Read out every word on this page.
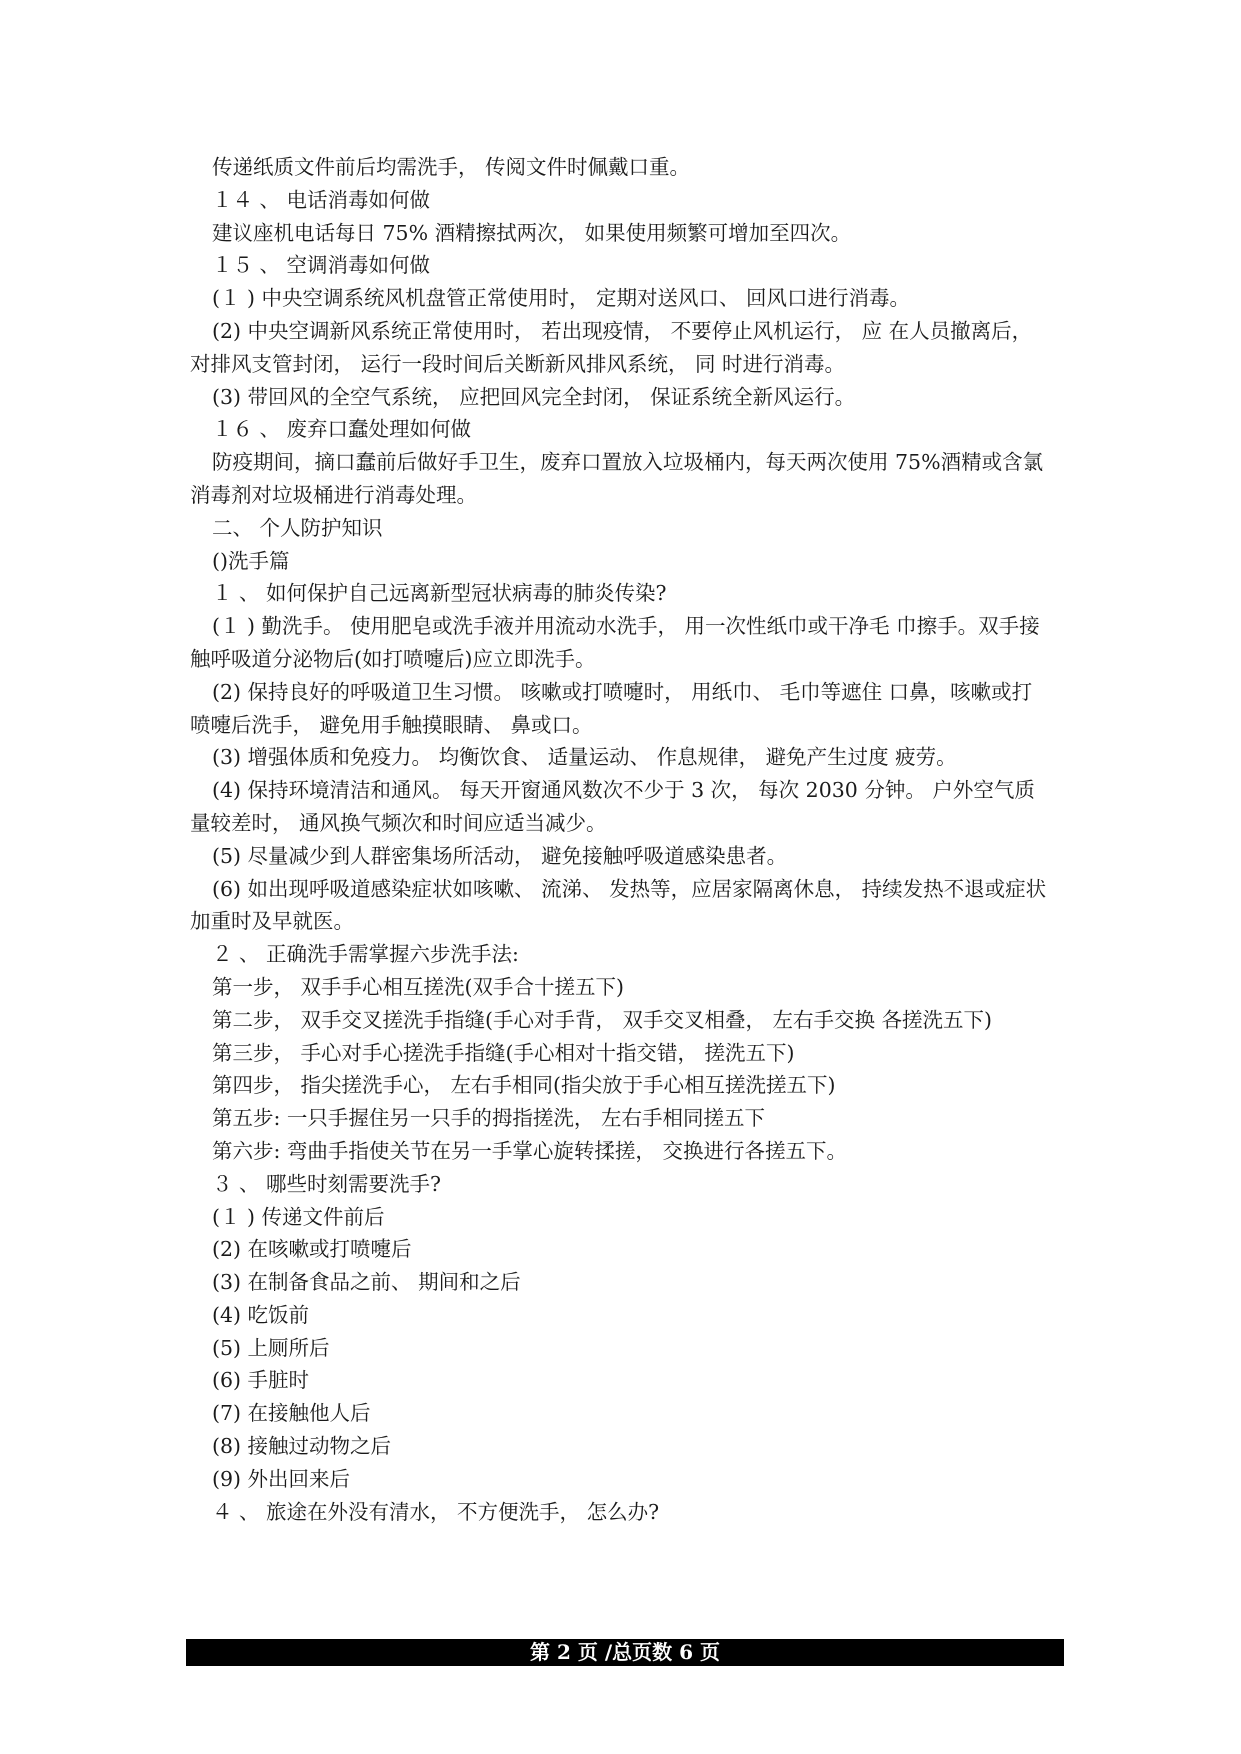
传递纸质文件前后均需洗手， 传阅文件时佩戴口重。
１４ 、 电话消毒如何做
建议座机电话每日 75% 酒精擦拭两次， 如果使用频繁可增加至四次。
１５ 、 空调消毒如何做
(１ ) 中央空调系统风机盘管正常使用时， 定期对送风口、 回风口进行消毒。
(2) 中央空调新风系统正常使用时， 若出现疫情， 不要停止风机运行， 应 在人员撤离后，
对排风支管封闭， 运行一段时间后关断新风排风系统， 同 时进行消毒。
(3) 带回风的全空气系统， 应把回风完全封闭， 保证系统全新风运行。
１６ 、 废弃口蠢处理如何做
防疫期间，摘口蠢前后做好手卫生，废弃口置放入垃圾桶内，每天两次使用 75%酒精或含氯
消毒剂对垃圾桶进行消毒处理。
二、 个人防护知识
()洗手篇
１ 、 如何保护自己远离新型冠状病毒的肺炎传染?
(１ ) 勤洗手。 使用肥皂或洗手液并用流动水洗手， 用一次性纸巾或干净毛 巾擦手。双手接
触呼吸道分泌物后(如打喷嚏后)应立即洗手。
(2) 保持良好的呼吸道卫生习惯。 咳嗽或打喷嚏时， 用纸巾、 毛巾等遮住 口鼻，咳嗽或打
喷嚏后洗手， 避免用手触摸眼睛、 鼻或口。
(3) 增强体质和免疫力。 均衡饮食、 适量运动、 作息规律， 避免产生过度 疲劳。
(4) 保持环境清洁和通风。 每天开窗通风数次不少于 3 次， 每次 2030 分钟。 户外空气质
量较差时， 通风换气频次和时间应适当减少。
(5) 尽量减少到人群密集场所活动， 避免接触呼吸道感染患者。
(6) 如出现呼吸道感染症状如咳嗽、 流涕、 发热等，应居家隔离休息， 持续发热不退或症状
加重时及早就医。
２ 、 正确洗手需掌握六步洗手法:
第一步， 双手手心相互搓洗(双手合十搓五下)
第二步， 双手交叉搓洗手指缝(手心对手背， 双手交叉相叠， 左右手交换 各搓洗五下)
第三步， 手心对手心搓洗手指缝(手心相对十指交错， 搓洗五下)
第四步， 指尖搓洗手心， 左右手相同(指尖放于手心相互搓洗搓五下)
第五步: 一只手握住另一只手的拇指搓洗， 左右手相同搓五下
第六步: 弯曲手指使关节在另一手掌心旋转揉搓， 交换进行各搓五下。
３ 、 哪些时刻需要洗手?
(１ ) 传递文件前后
(2) 在咳嗽或打喷嚏后
(3) 在制备食品之前、 期间和之后
(4) 吃饭前
(5) 上厕所后
(6) 手脏时
(7) 在接触他人后
(8) 接触过动物之后
(9) 外出回来后
４ 、 旅途在外没有清水， 不方便洗手， 怎么办?
第 2 页 /总页数 6 页
